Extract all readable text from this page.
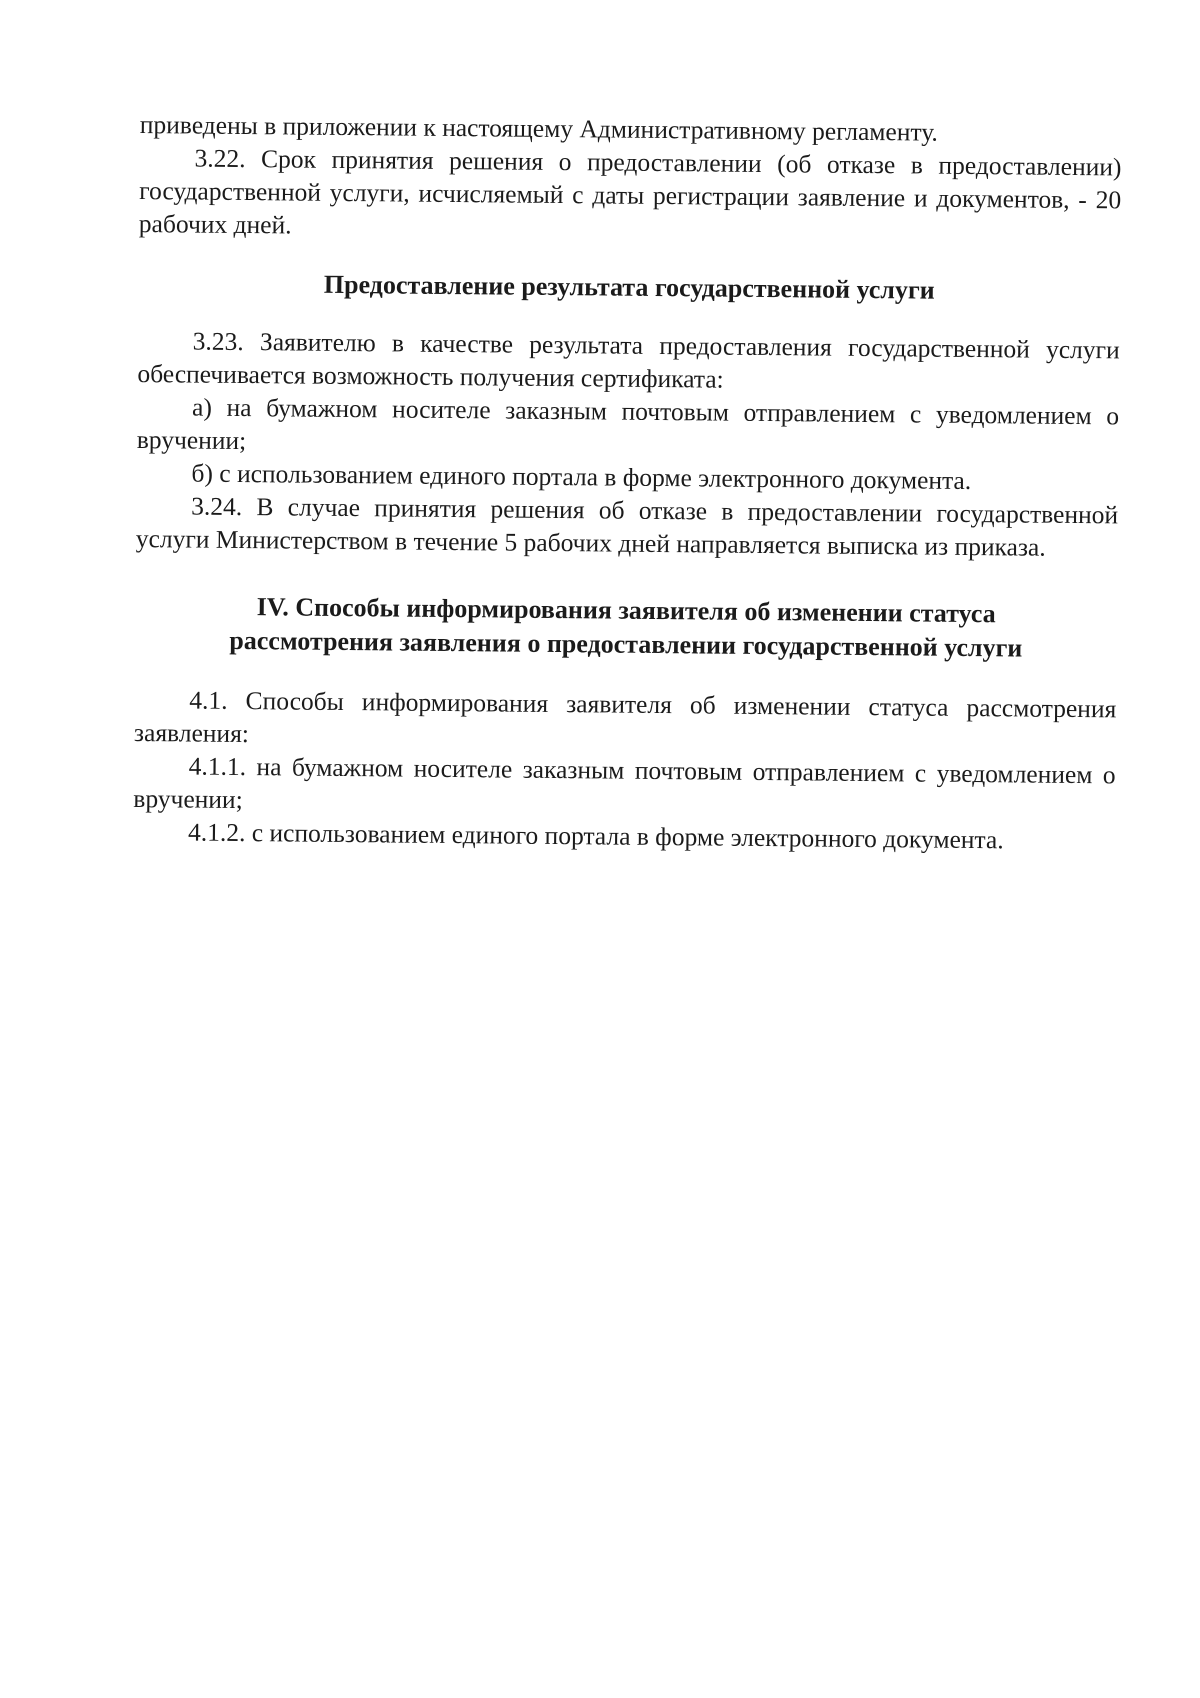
приведены в приложении к настоящему Административному регламенту.

3.22. Срок принятия решения о предоставлении (об отказе в предоставлении) государственной услуги, исчисляемый с даты регистрации заявление и документов, - 20 рабочих дней.

Предоставление результата государственной услуги

3.23. Заявителю в качестве результата предоставления государственной услуги обеспечивается возможность получения сертификата:

а) на бумажном носителе заказным почтовым отправлением с уведомлением о вручении;

б) с использованием единого портала в форме электронного документа.

3.24. В случае принятия решения об отказе в предоставлении государственной услуги Министерством в течение 5 рабочих дней направляется выписка из приказа.

IV. Способы информирования заявителя об изменении статуса

рассмотрения заявления о предоставлении государственной услуги

4.1. Способы информирования заявителя об изменении статуса рассмотрения заявления:

4.1.1. на бумажном носителе заказным почтовым отправлением с уведомлением о вручении;

4.1.2. с использованием единого портала в форме электронного документа.
